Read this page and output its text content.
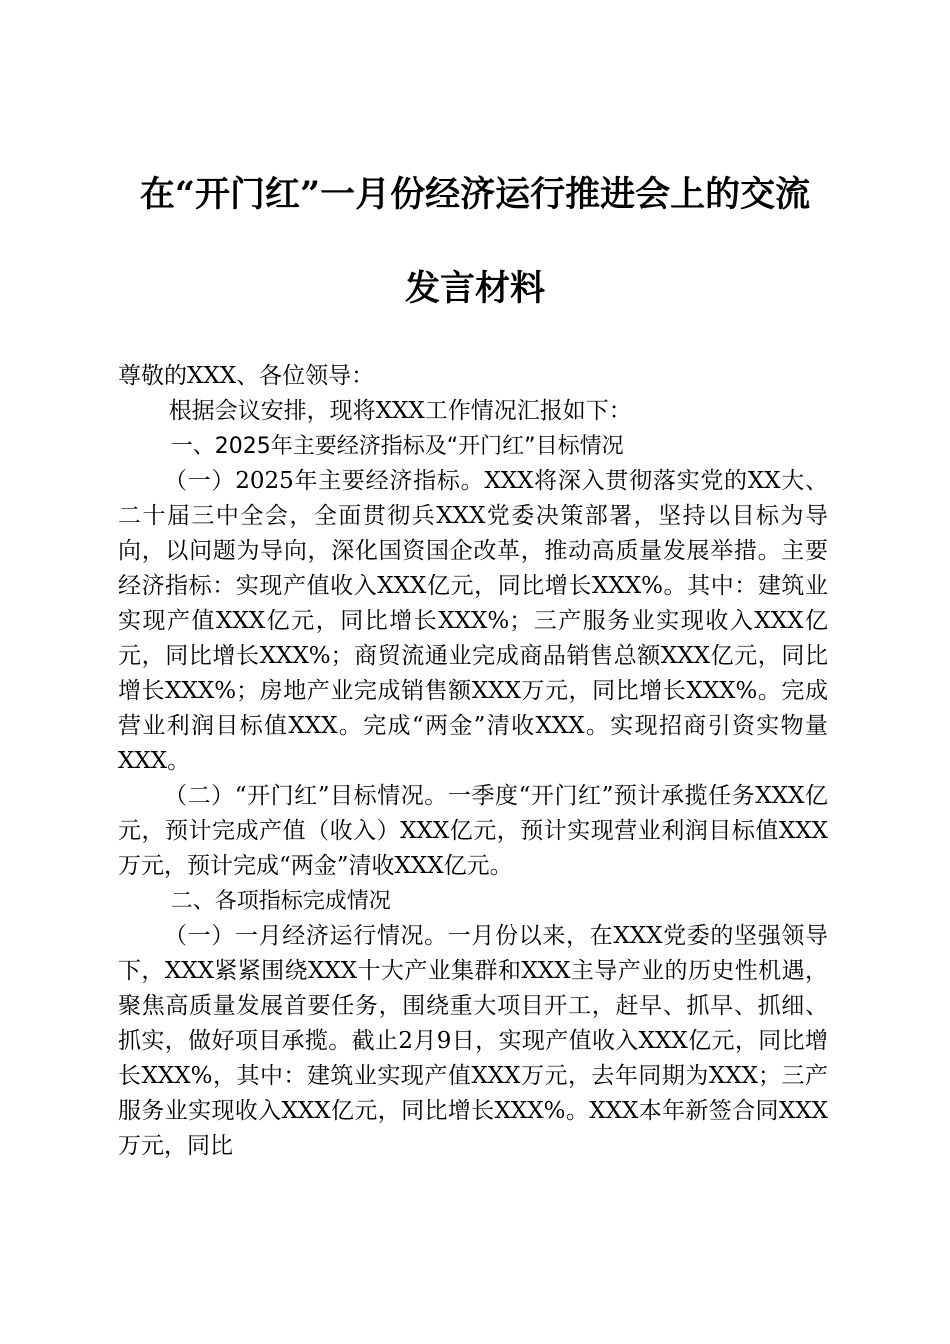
在“开门红”一月份经济运行推进会上的交流
发言材料

尊敬的XXX、各位领导：

根据会议安排，现将XXX工作情况汇报如下：

一、2025年主要经济指标及“开门红”目标情况

（一）2025年主要经济指标。XXX将深入贯彻落实党的XX大、二十届三中全会，全面贯彻兵XXX党委决策部署，坚持以目标为导向，以问题为导向，深化国资国企改革，推动高质量发展举措。主要经济指标：实现产值收入XXX亿元，同比增长XXX%。其中：建筑业实现产值XXX亿元，同比增长XXX%；三产服务业实现收入XXX亿元，同比增长XXX%；商贸流通业完成商品销售总额XXX亿元，同比增长XXX%；房地产业完成销售额XXX万元，同比增长XXX%。完成营业利润目标值XXX。完成“两金”清收XXX。实现招商引资实物量XXX。

（二）“开门红”目标情况。一季度“开门红”预计承揽任务XXX亿元，预计完成产值（收入）XXX亿元，预计实现营业利润目标值XXX万元，预计完成“两金”清收XXX亿元。

二、各项指标完成情况

（一）一月经济运行情况。一月份以来，在XXX党委的坚强领导下，XXX紧紧围绕XXX十大产业集群和XXX主导产业的历史性机遇，聚焦高质量发展首要任务，围绕重大项目开工，赶早、抓早、抓细、抓实，做好项目承揽。截止2月9日，实现产值收入XXX亿元，同比增长XXX%，其中：建筑业实现产值XXX万元，去年同期为XXX；三产服务业实现收入XXX亿元，同比增长XXX%。XXX本年新签合同XXX万元，同比
